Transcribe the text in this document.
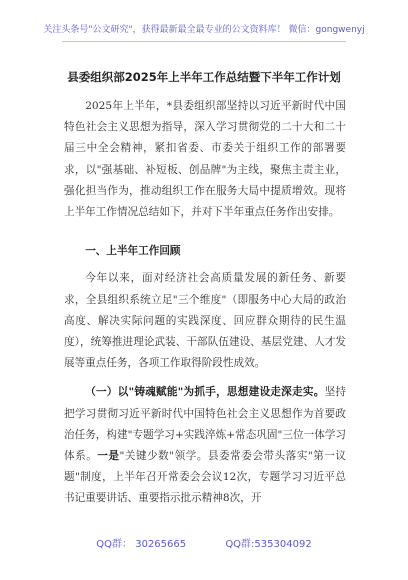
关注头条号"公文研究"，获得最新最全最专业的公文资料库！ 微信：gongwenyj
县委组织部2025年上半年工作总结暨下半年工作计划

2025年上半年，*县委组织部坚持以习近平新时代中国特色社会主义思想为指导，深入学习贯彻党的二十大和二十届三中全会精神，紧扣省委、市委关于组织工作的部署要求，以"强基础、补短板、创品牌"为主线，聚焦主责主业，强化担当作为，推动组织工作在服务大局中提质增效。现将上半年工作情况总结如下，并对下半年重点任务作出安排。

一、上半年工作回顾

今年以来，面对经济社会高质量发展的新任务、新要求，全县组织系统立足"三个维度"（即服务中心大局的政治高度、解决实际问题的实践深度、回应群众期待的民生温度），统筹推进理论武装、干部队伍建设、基层党建、人才发展等重点任务，各项工作取得阶段性成效。

（一）以"铸魂赋能"为抓手，思想建设走深走实。坚持把学习贯彻习近平新时代中国特色社会主义思想作为首要政治任务，构建"专题学习+实践淬炼+常态巩固"三位一体学习体系。一是"关键少数"领学。县委常委会带头落实"第一议题"制度，上半年召开常委会会议12次，专题学习习近平总书记重要讲话、重要指示批示精神8次，开

QQ群： 30265665	QQ群:535304092
